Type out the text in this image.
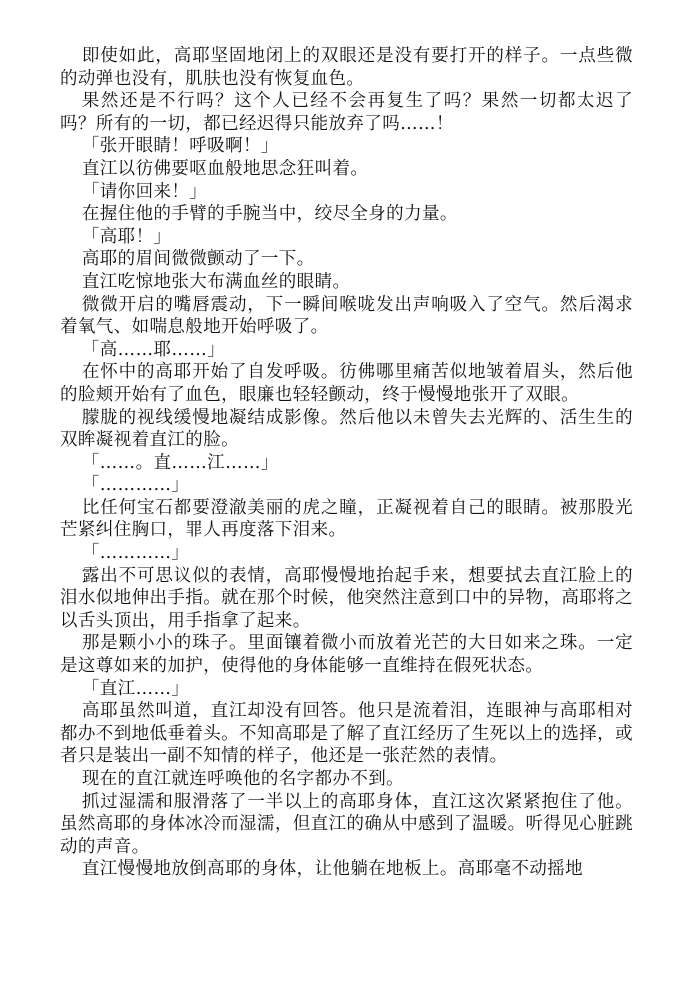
即使如此，高耶坚固地闭上的双眼还是没有要打开的样子。一点些微的动弹也没有，肌肤也没有恢复血色。

果然还是不行吗？这个人已经不会再复生了吗？果然一切都太迟了吗？所有的一切，都已经迟得只能放弃了吗……！

「张开眼睛！呼吸啊！」

直江以彷佛要呕血般地思念狂叫着。

「请你回来！」

在握住他的手臂的手腕当中，绞尽全身的力量。

「高耶！」

高耶的眉间微微颤动了一下。

直江吃惊地张大布满血丝的眼睛。

微微开启的嘴唇震动，下一瞬间喉咙发出声响吸入了空气。然后渴求着氧气、如喘息般地开始呼吸了。

「高……耶……」

在怀中的高耶开始了自发呼吸。彷佛哪里痛苦似地皱着眉头，然后他的脸颊开始有了血色，眼廉也轻轻颤动，终于慢慢地张开了双眼。

朦胧的视线缓慢地凝结成影像。然后他以未曾失去光辉的、活生生的双眸凝视着直江的脸。

「……。直……江……」

「…………」

比任何宝石都要澄澈美丽的虎之瞳，正凝视着自己的眼睛。被那股光芒紧纠住胸口，罪人再度落下泪来。

「…………」

露出不可思议似的表情，高耶慢慢地抬起手来，想要拭去直江脸上的泪水似地伸出手指。就在那个时候，他突然注意到口中的异物，高耶将之以舌头顶出，用手指拿了起来。

那是颗小小的珠子。里面镶着微小而放着光芒的大日如来之珠。一定是这尊如来的加护，使得他的身体能够一直维持在假死状态。

「直江……」

高耶虽然叫道，直江却没有回答。他只是流着泪，连眼神与高耶相对都办不到地低垂着头。不知高耶是了解了直江经历了生死以上的选择，或者只是装出一副不知情的样子，他还是一张茫然的表情。

现在的直江就连呼唤他的名字都办不到。

抓过湿濡和服滑落了一半以上的高耶身体，直江这次紧紧抱住了他。虽然高耶的身体冰冷而湿濡，但直江的确从中感到了温暖。听得见心脏跳动的声音。

直江慢慢地放倒高耶的身体，让他躺在地板上。高耶毫不动摇地
